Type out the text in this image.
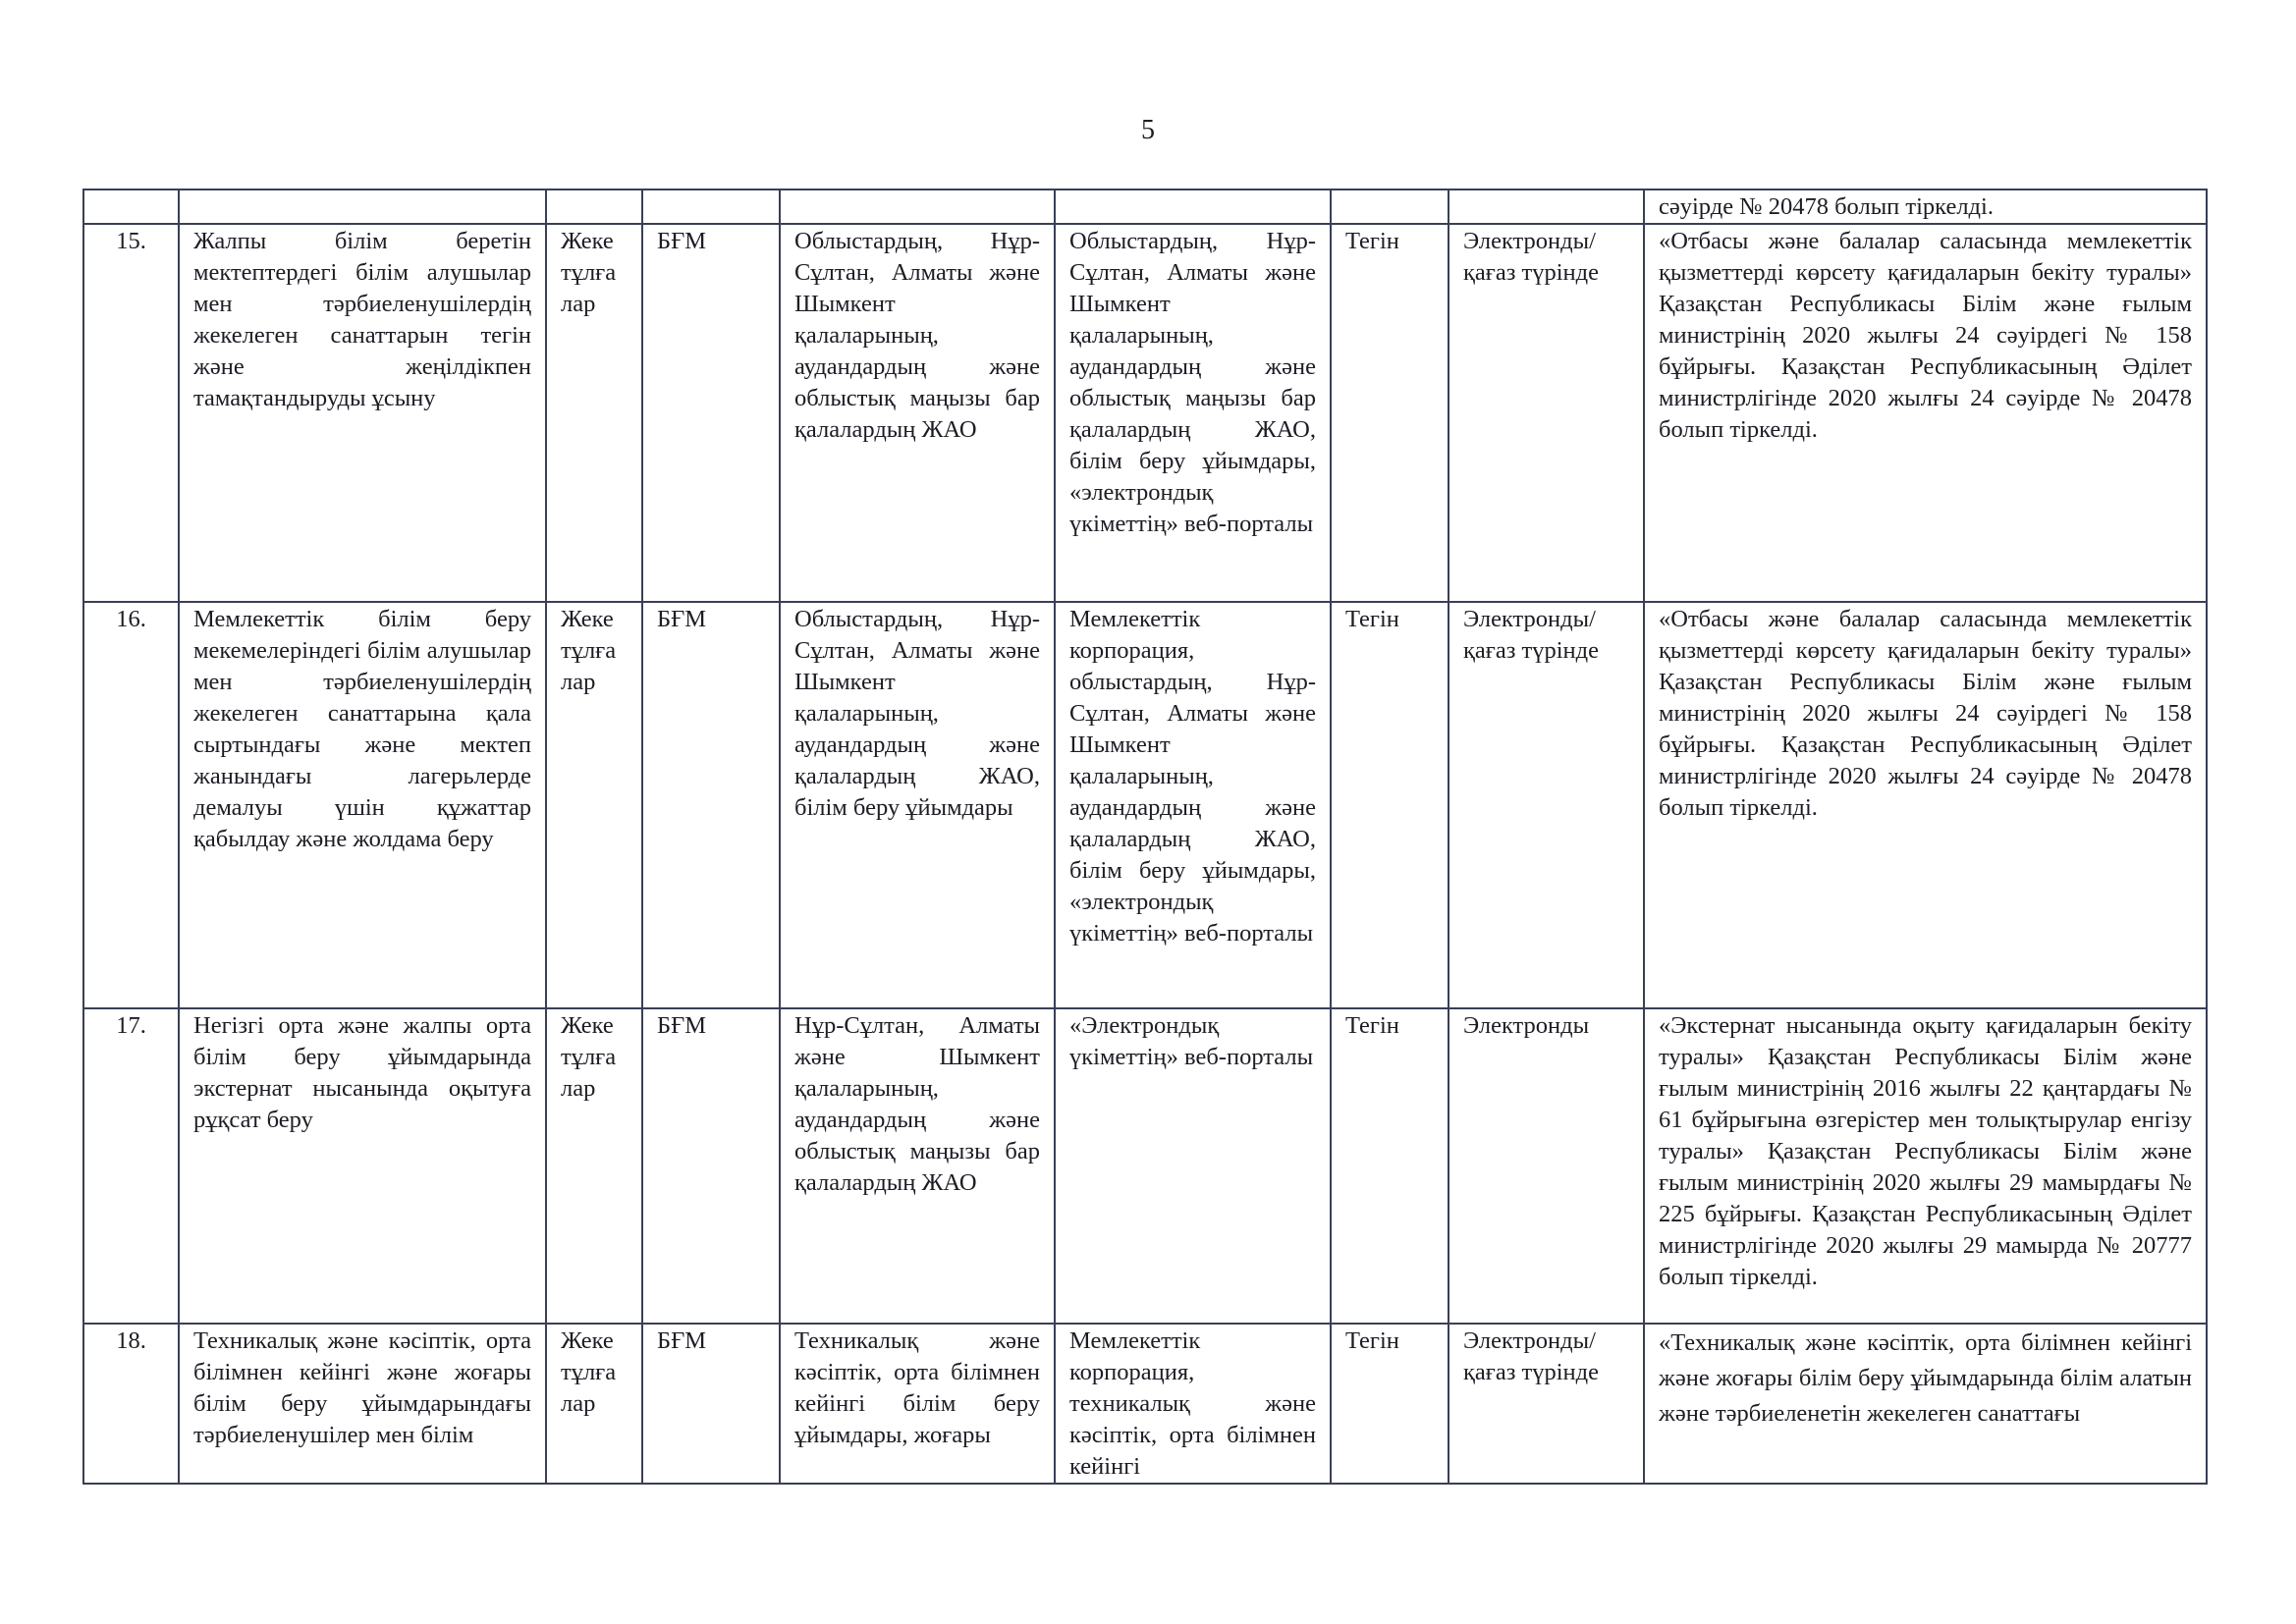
5
								сәуірде № 20478 болып тіркелді.
15.	Жалпы білім беретін мектептердегі білім алушылар мен тәрбиеленушілердің жекелеген санаттарын тегін және жеңілдікпен тамақтандыруды ұсыну	Жеке тұлға лар	БҒМ	Облыстардың, Нұр-Сұлтан, Алматы және Шымкент қалаларының, аудандардың және облыстық маңызы бар қалалардың ЖАО	Облыстардың, Нұр-Сұлтан, Алматы және Шымкент қалаларының, аудандардың және облыстық маңызы бар қалалардың ЖАО, білім беру ұйымдары, «электрондық үкіметтің» веб-порталы	Тегін	Электронды/ қағаз түрінде	«Отбасы және балалар саласында мемлекеттік қызметтерді көрсету қағидаларын бекіту туралы» Қазақстан Республикасы Білім және ғылым министрінің 2020 жылғы 24 сәуірдегі № 158 бұйрығы. Қазақстан Республикасының Әділет министрлігінде 2020 жылғы 24 сәуірде № 20478 болып тіркелді.
16.	Мемлекеттік білім беру мекемелеріндегі білім алушылар мен тәрбиеленушілердің жекелеген санаттарына қала сыртындағы және мектеп жанындағы лагерьлерде демалуы үшін құжаттар қабылдау және жолдама беру	Жеке тұлға лар	БҒМ	Облыстардың, Нұр-Сұлтан, Алматы және Шымкент қалаларының, аудандардың және қалалардың ЖАО, білім беру ұйымдары	Мемлекеттік корпорация, облыстардың, Нұр-Сұлтан, Алматы және Шымкент қалаларының, аудандардың және қалалардың ЖАО, білім беру ұйымдары, «электрондық үкіметтің» веб-порталы	Тегін	Электронды/ қағаз түрінде	«Отбасы және балалар саласында мемлекеттік қызметтерді көрсету қағидаларын бекіту туралы» Қазақстан Республикасы Білім және ғылым министрінің 2020 жылғы 24 сәуірдегі № 158 бұйрығы. Қазақстан Республикасының Әділет министрлігінде 2020 жылғы 24 сәуірде № 20478 болып тіркелді.
17.	Негізгі орта және жалпы орта білім беру ұйымдарында экстернат нысанында оқытуға рұқсат беру	Жеке тұлға лар	БҒМ	Нұр-Сұлтан, Алматы және Шымкент қалаларының, аудандардың және облыстық маңызы бар қалалардың ЖАО	«Электрондық үкіметтің» веб-порталы	Тегін	Электронды	«Экстернат нысанында оқыту қағидаларын бекіту туралы» Қазақстан Республикасы Білім және ғылым министрінің 2016 жылғы 22 қаңтардағы № 61 бұйрығына өзгерістер мен толықтырулар енгізу туралы» Қазақстан Республикасы Білім және ғылым министрінің 2020 жылғы 29 мамырдағы № 225 бұйрығы. Қазақстан Республикасының Әділет министрлігінде 2020 жылғы 29 мамырда № 20777 болып тіркелді.
18.	Техникалық және кәсіптік, орта білімнен кейінгі және жоғары білім беру ұйымдарындағы тәрбиеленушілер мен білім	Жеке тұлға лар	БҒМ	Техникалық және кәсіптік, орта білімнен кейінгі білім беру ұйымдары, жоғары	Мемлекеттік корпорация, техникалық және кәсіптік, орта білімнен кейінгі	Тегін	Электронды/ қағаз түрінде	«Техникалық және кәсіптік, орта білімнен кейінгі және жоғары білім беру ұйымдарында білім алатын және тәрбиеленетін жекелеген санаттағы
